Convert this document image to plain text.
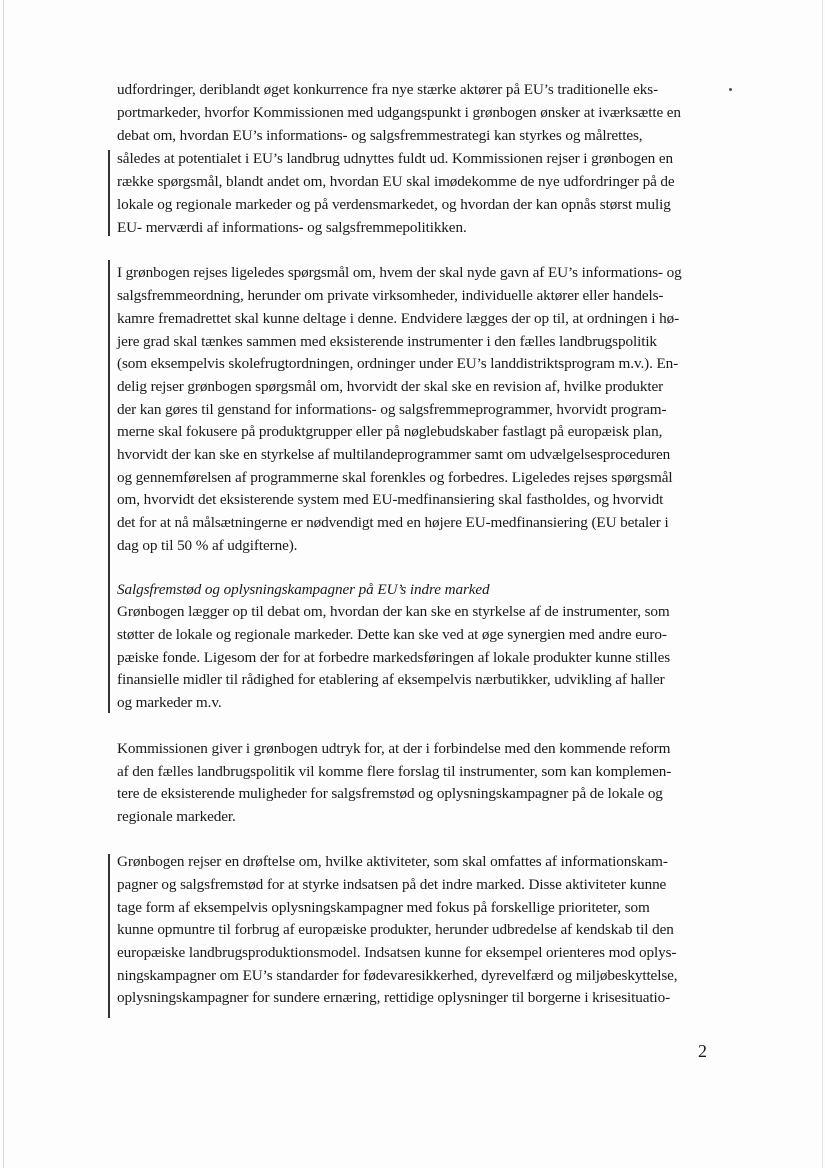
udfordringer, deriblandt øget konkurrence fra nye stærke aktører på EU’s traditionelle eks-
portmarkeder, hvorfor Kommissionen med udgangspunkt i grønbogen ønsker at iværksætte en
debat om, hvordan EU’s informations- og salgsfremmestrategi kan styrkes og målrettes,
således at potentialet i EU’s landbrug udnyttes fuldt ud. Kommissionen rejser i grønbogen en
række spørgsmål, blandt andet om, hvordan EU skal imødekomme de nye udfordringer på de
lokale og regionale markeder og på verdensmarkedet, og hvordan der kan opnås størst mulig
EU- merværdi af informations- og salgsfremmepolitikken.
I grønbogen rejses ligeledes spørgsmål om, hvem der skal nyde gavn af EU’s informations- og
salgsfremmeordning, herunder om private virksomheder, individuelle aktører eller handels-
kamre fremadrettet skal kunne deltage i denne. Endvidere lægges der op til, at ordningen i hø-
jere grad skal tænkes sammen med eksisterende instrumenter i den fælles landbrugspolitik
(som eksempelvis skolefrugtordningen, ordninger under EU’s landdistriktsprogram m.v.). En-
delig rejser grønbogen spørgsmål om, hvorvidt der skal ske en revision af, hvilke produkter
der kan gøres til genstand for informations- og salgsfremmeprogrammer, hvorvidt program-
merne skal fokusere på produktgrupper eller på nøglebudskaber fastlagt på europæisk plan,
hvorvidt der kan ske en styrkelse af multilandeprogrammer samt om udvælgelsesproceduren
og gennemførelsen af programmerne skal forenkles og forbedres. Ligeledes rejses spørgsmål
om, hvorvidt det eksisterende system med EU-medfinansiering skal fastholdes, og hvorvidt
det for at nå målsætningerne er nødvendigt med en højere EU-medfinansiering (EU betaler i
dag op til 50 % af udgifterne).
Salgsfremstød og oplysningskampagner på EU’s indre marked
Grønbogen lægger op til debat om, hvordan der kan ske en styrkelse af de instrumenter, som
støtter de lokale og regionale markeder. Dette kan ske ved at øge synergien med andre euro-
pæiske fonde. Ligesom der for at forbedre markedsføringen af lokale produkter kunne stilles
finansielle midler til rådighed for etablering af eksempelvis nærbutikker, udvikling af haller
og markeder m.v.
Kommissionen giver i grønbogen udtryk for, at der i forbindelse med den kommende reform
af den fælles landbrugspolitik vil komme flere forslag til instrumenter, som kan komplemen-
tere de eksisterende muligheder for salgsfremstød og oplysningskampagner på de lokale og
regionale markeder.
Grønbogen rejser en drøftelse om, hvilke aktiviteter, som skal omfattes af informationskam-
pagner og salgsfremstød for at styrke indsatsen på det indre marked. Disse aktiviteter kunne
tage form af eksempelvis oplysningskampagner med fokus på forskellige prioriteter, som
kunne opmuntre til forbrug af europæiske produkter, herunder udbredelse af kendskab til den
europæiske landbrugsproduktionsmodel. Indsatsen kunne for eksempel orienteres mod oplys-
ningskampagner om EU’s standarder for fødevaresikkerhed, dyrevelfærd og miljøbeskyttelse,
oplysningskampagner for sundere ernæring, rettidige oplysninger til borgerne i krisesituatio-
2
